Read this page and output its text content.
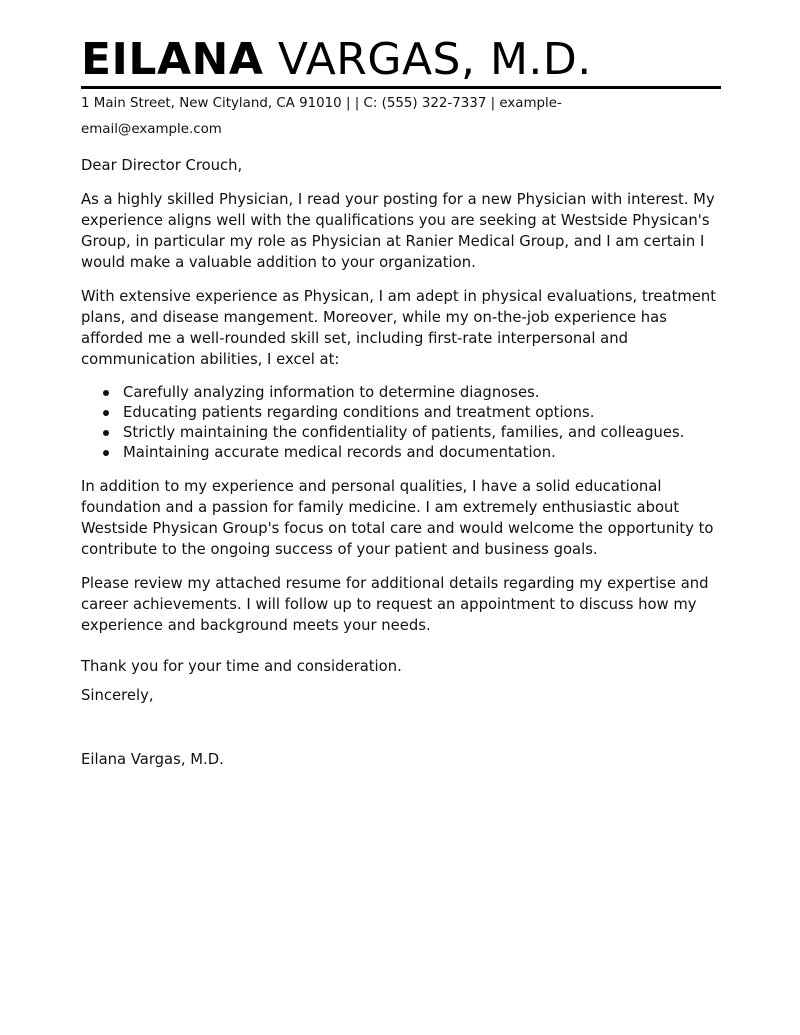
EILANA VARGAS, M.D.
1 Main Street, New Cityland, CA 91010 | | C: (555) 322-7337 | example-email@example.com

Dear Director Crouch,

As a highly skilled Physician, I read your posting for a new Physician with interest. My experience aligns well with the qualifications you are seeking at Westside Physican's Group, in particular my role as Physician at Ranier Medical Group, and I am certain I would make a valuable addition to your organization.

With extensive experience as Physican, I am adept in physical evaluations, treatment plans, and disease mangement. Moreover, while my on-the-job experience has afforded me a well-rounded skill set, including first-rate interpersonal and communication abilities, I excel at:

Carefully analyzing information to determine diagnoses.
Educating patients regarding conditions and treatment options.
Strictly maintaining the confidentiality of patients, families, and colleagues.
Maintaining accurate medical records and documentation.

In addition to my experience and personal qualities, I have a solid educational foundation and a passion for family medicine. I am extremely enthusiastic about Westside Physican Group's focus on total care and would welcome the opportunity to contribute to the ongoing success of your patient and business goals.

Please review my attached resume for additional details regarding my expertise and career achievements. I will follow up to request an appointment to discuss how my experience and background meets your needs.

Thank you for your time and consideration.

Sincerely,

Eilana Vargas, M.D.
